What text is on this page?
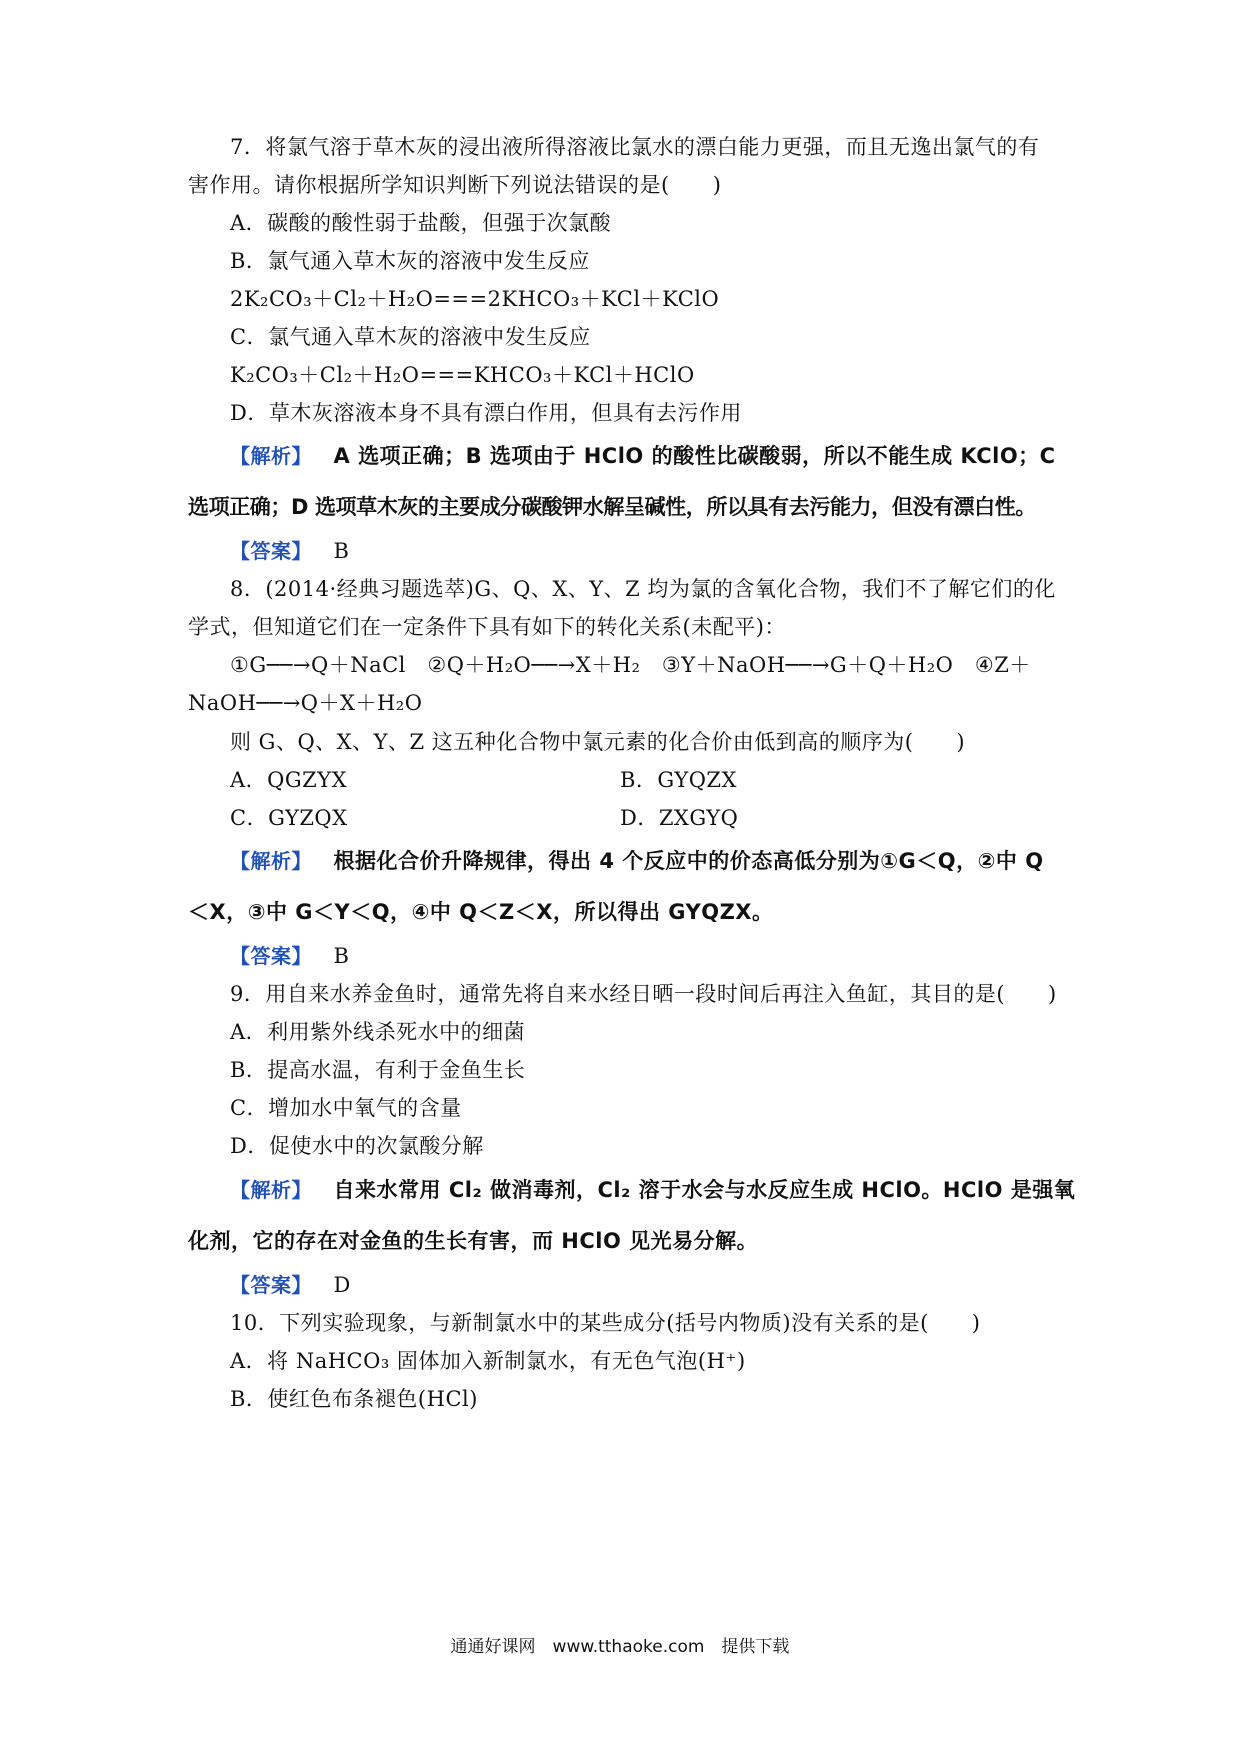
7．将氯气溶于草木灰的浸出液所得溶液比氯水的漂白能力更强，而且无逸出氯气的有
害作用。请你根据所学知识判断下列说法错误的是(　　)
A．碳酸的酸性弱于盐酸，但强于次氯酸
B．氯气通入草木灰的溶液中发生反应
2K₂CO₃＋Cl₂＋H₂O===2KHCO₃＋KCl＋KClO
C．氯气通入草木灰的溶液中发生反应
K₂CO₃＋Cl₂＋H₂O===KHCO₃＋KCl＋HClO
D．草木灰溶液本身不具有漂白作用，但具有去污作用
【解析】 A 选项正确；B 选项由于 HClO 的酸性比碳酸弱，所以不能生成 KClO；C
选项正确；D 选项草木灰的主要成分碳酸钾水解呈碱性，所以具有去污能力，但没有漂白性。
【答案】 B
8．(2014·经典习题选萃)G、Q、X、Y、Z 均为氯的含氧化合物，我们不了解它们的化
学式，但知道它们在一定条件下具有如下的转化关系(未配平)：
①G──→Q＋NaCl　②Q＋H₂O──→X＋H₂　③Y＋NaOH──→G＋Q＋H₂O　④Z＋
NaOH──→Q＋X＋H₂O
则 G、Q、X、Y、Z 这五种化合物中氯元素的化合价由低到高的顺序为(　　)
A．QGZYX	B．GYQZX
C．GYZQX	D．ZXGYQ
【解析】 根据化合价升降规律，得出 4 个反应中的价态高低分别为①G＜Q，②中 Q
＜X，③中 G＜Y＜Q，④中 Q＜Z＜X，所以得出 GYQZX。
【答案】 B
9．用自来水养金鱼时，通常先将自来水经日晒一段时间后再注入鱼缸，其目的是(　　)
A．利用紫外线杀死水中的细菌
B．提高水温，有利于金鱼生长
C．增加水中氧气的含量
D．促使水中的次氯酸分解
【解析】 自来水常用 Cl₂ 做消毒剂，Cl₂ 溶于水会与水反应生成 HClO。HClO 是强氧
化剂，它的存在对金鱼的生长有害，而 HClO 见光易分解。
【答案】 D
10．下列实验现象，与新制氯水中的某些成分(括号内物质)没有关系的是(　　)
A．将 NaHCO₃ 固体加入新制氯水，有无色气泡(H⁺)
B．使红色布条褪色(HCl)
通通好课网　www.tthaoke.com　提供下载
